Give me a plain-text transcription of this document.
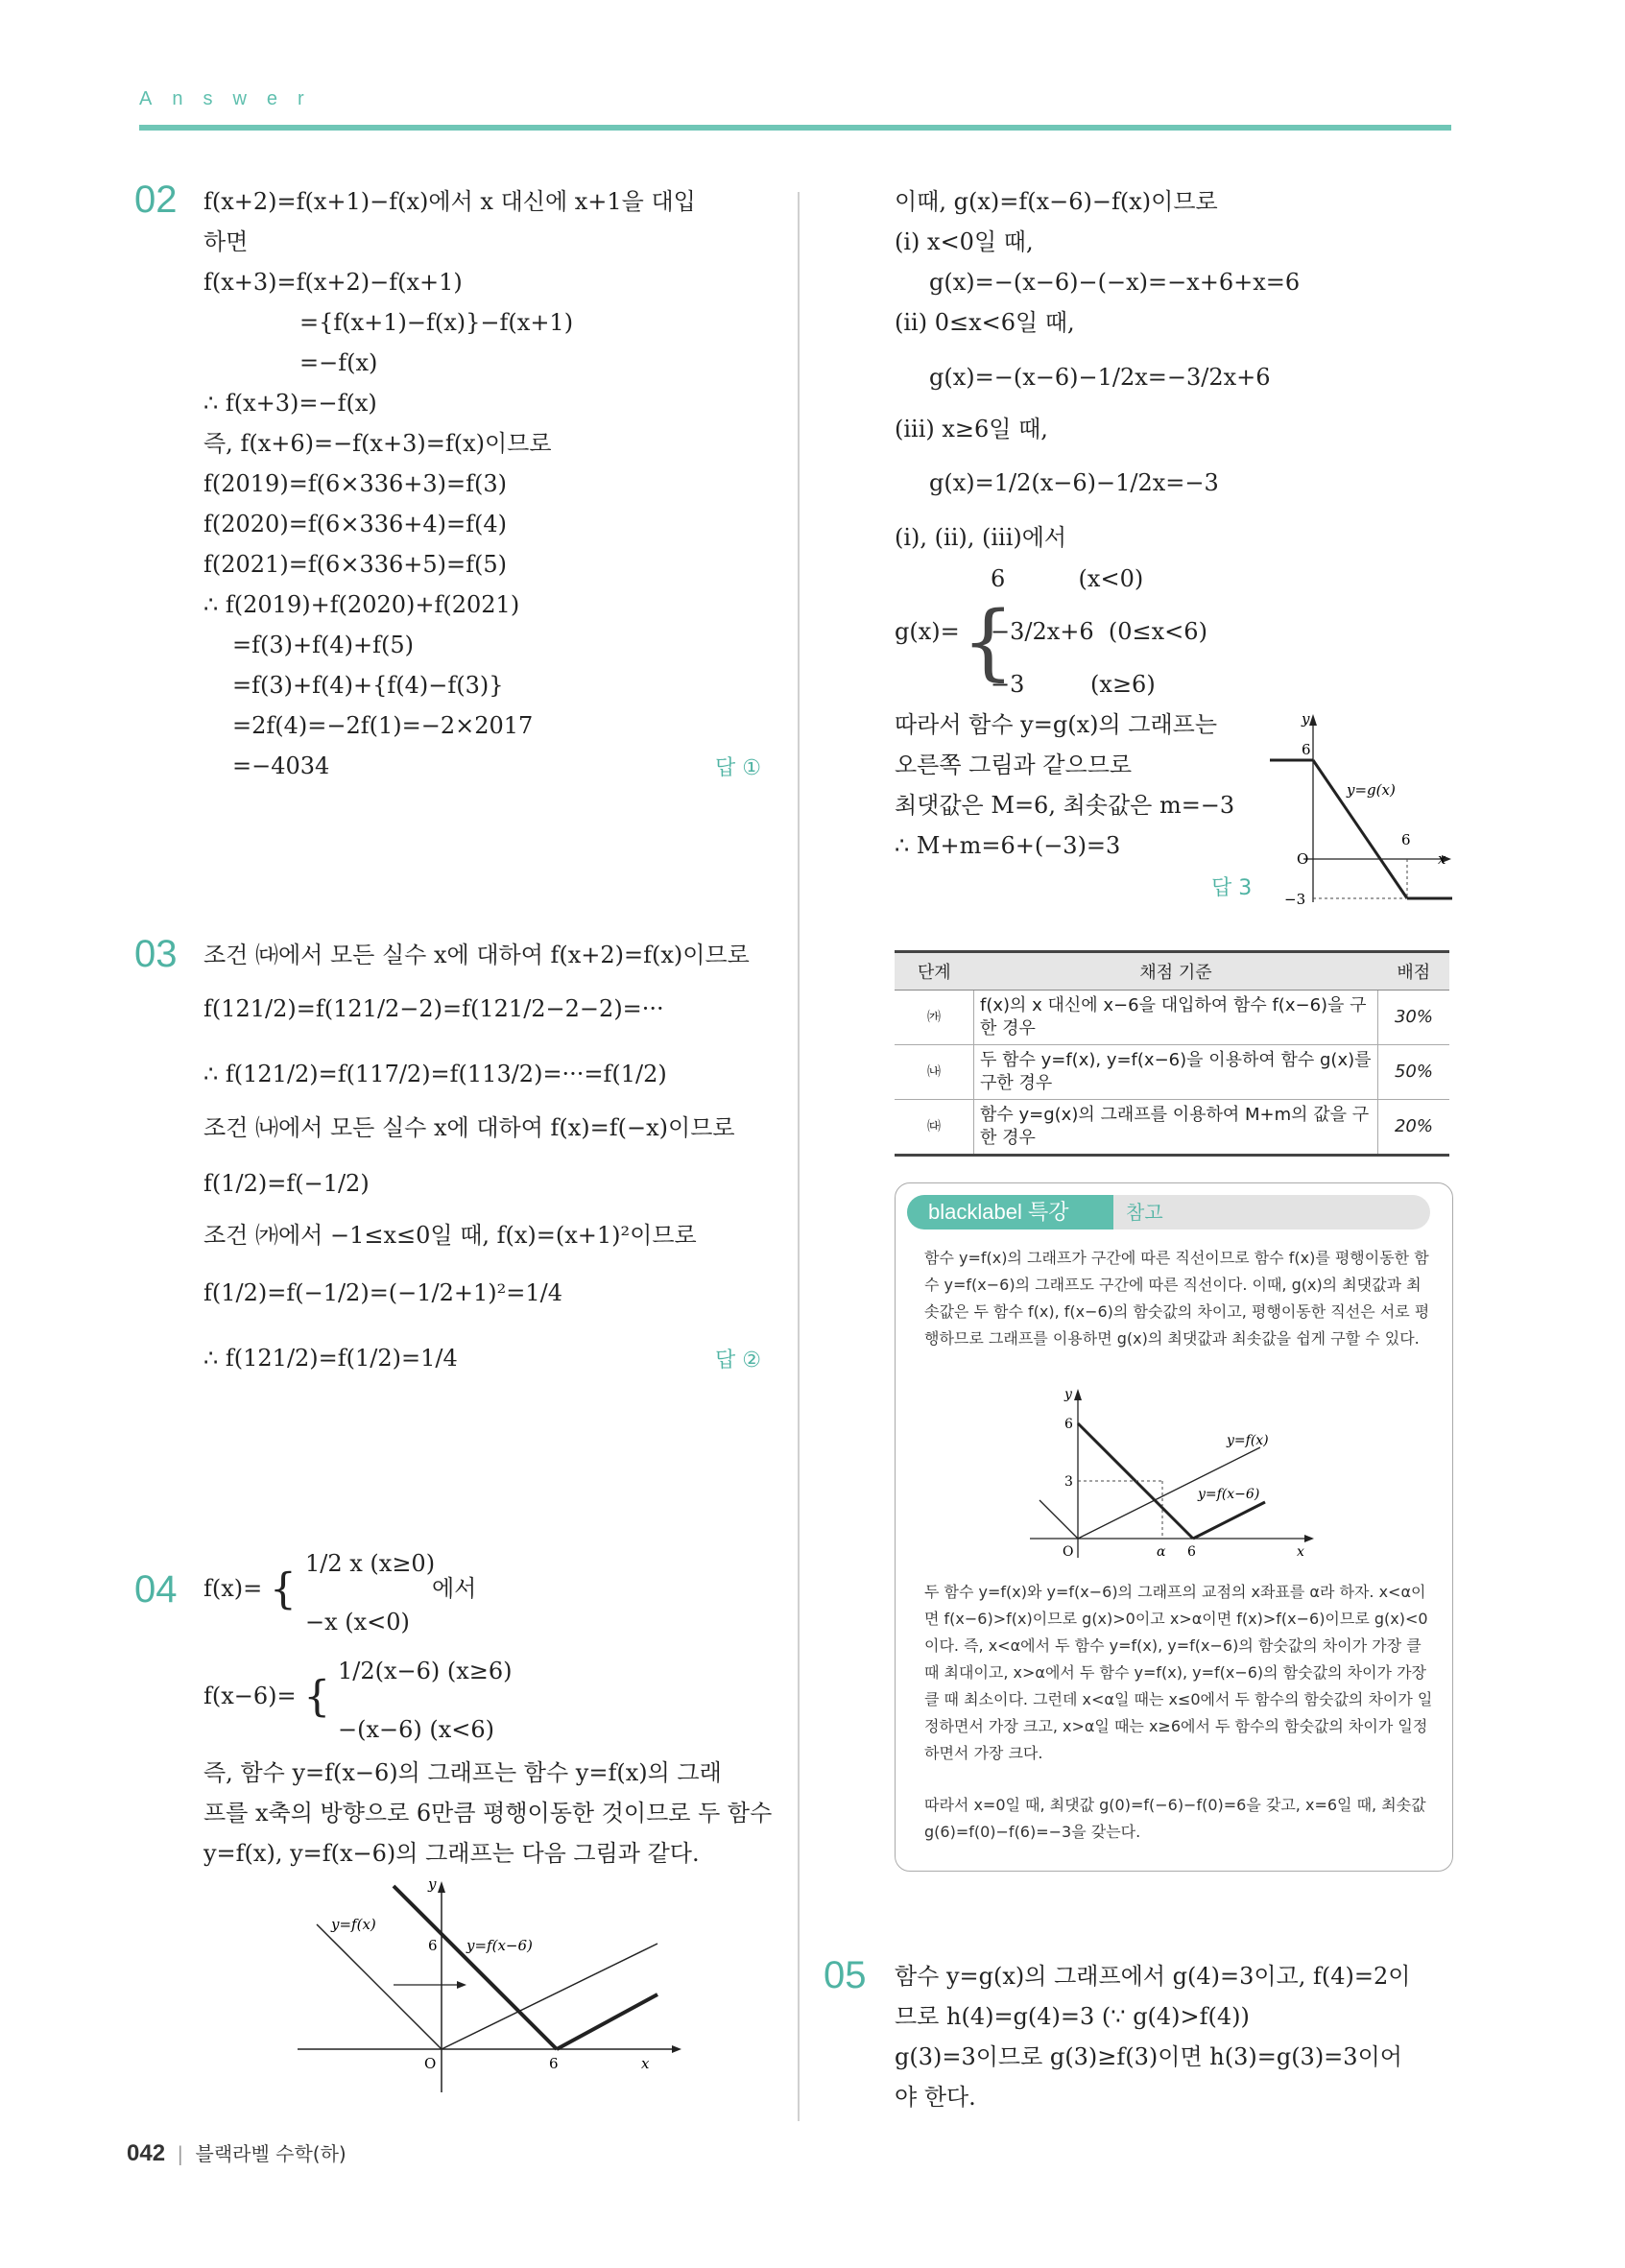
Answer
02 f(x+2)=f(x+1)−f(x)에서 x 대신에 x+1을 대입
하면
f(x+3)=f(x+2)−f(x+1)
={f(x+1)−f(x)}−f(x+1)
=−f(x)
∴ f(x+3)=−f(x)
즉, f(x+6)=−f(x+3)=f(x)이므로
f(2019)=f(6×336+3)=f(3)
f(2020)=f(6×336+4)=f(4)
f(2021)=f(6×336+5)=f(5)
∴ f(2019)+f(2020)+f(2021)
=f(3)+f(4)+f(5)
=f(3)+f(4)+{f(4)−f(3)}
=2f(4)=−2f(1)=−2×2017
=−4034	답 ①
03 조건 ㈐에서 모든 실수 x에 대하여 f(x+2)=f(x)이므로
f(121/2)=f(121/2−2)=f(121/2−2−2)=···
∴ f(121/2)=f(117/2)=f(113/2)=···=f(1/2)
조건 ㈏에서 모든 실수 x에 대하여 f(x)=f(−x)이므로
f(1/2)=f(−1/2)
조건 ㈎에서 −1≤x≤0일 때, f(x)=(x+1)²이므로
f(1/2)=f(−1/2)=(−1/2+1)²=1/4
∴ f(121/2)=f(1/2)=1/4	답 ②
04 f(x)= {
1/2 x (x≥0)
−x (x<0)
에서
f(x−6)= {
1/2(x−6) (x≥6)
−(x−6) (x<6)
즉, 함수 y=f(x−6)의 그래프는 함수 y=f(x)의 그래
프를 x축의 방향으로 6만큼 평행이동한 것이므로 두 함수
y=f(x), y=f(x−6)의 그래프는 다음 그림과 같다.
y=f(x)
y=f(x−6)
6
6
O	x
y
이때, g(x)=f(x−6)−f(x)이므로
(i) x<0일 때,
g(x)=−(x−6)−(−x)=−x+6+x=6
(ii) 0≤x<6일 때,
g(x)=−(x−6)−1/2x=−3/2x+6
(iii) x≥6일 때,
g(x)=1/2(x−6)−1/2x=−3
(i), (ii), (iii)에서
g(x)= {
6          (x<0)
−3/2x+6  (0≤x<6)
−3         (x≥6)
따라서 함수 y=g(x)의 그래프는
오른쪽 그림과 같으므로
최댓값은 M=6, 최솟값은 m=−3
∴ M+m=6+(−3)=3
답 3
y=g(x)
6
6
−3
O	x
y
단계	채점 기준	배점
㈎	f(x)의 x 대신에 x−6을 대입하여 함수 f(x−6)을 구한 경우	30%
㈏	두 함수 y=f(x), y=f(x−6)을 이용하여 함수 g(x)를 구한 경우	50%
㈐	함수 y=g(x)의 그래프를 이용하여 M+m의 값을 구한 경우	20%
blacklabel 특강	참고
함수 y=f(x)의 그래프가 구간에 따른 직선이므로 함수 f(x)를 평행이동한 함수 y=f(x−6)의 그래프도 구간에 따른 직선이다. 이때, g(x)의 최댓값과 최솟값은 두 함수 f(x), f(x−6)의 함숫값의 차이고, 평행이동한 직선은 서로 평행하므로 그래프를 이용하면 g(x)의 최댓값과 최솟값을 쉽게 구할 수 있다.
y=f(x)
y=f(x−6)
6
3
α 6
O	x
y
두 함수 y=f(x)와 y=f(x−6)의 그래프의 교점의 x좌표를 α라 하자. x<α이면 f(x−6)>f(x)이므로 g(x)>0이고 x>α이면 f(x)>f(x−6)이므로 g(x)<0이다. 즉, x<α에서 두 함수 y=f(x), y=f(x−6)의 함숫값의 차이가 가장 클 때 최대이고, x>α에서 두 함수 y=f(x), y=f(x−6)의 함숫값의 차이가 가장 클 때 최소이다. 그런데 x<α일 때는 x≤0에서 두 함수의 함숫값의 차이가 일정하면서 가장 크고, x>α일 때는 x≥6에서 두 함수의 함숫값의 차이가 일정하면서 가장 크다.
따라서 x=0일 때, 최댓값 g(0)=f(−6)−f(0)=6을 갖고, x=6일 때, 최솟값 g(6)=f(0)−f(6)=−3을 갖는다.
05 함수 y=g(x)의 그래프에서 g(4)=3이고, f(4)=2이
므로 h(4)=g(4)=3 (∵ g(4)>f(4))
g(3)=3이므로 g(3)≥f(3)이면 h(3)=g(3)=3이어
야 한다.
042 | 블랙라벨 수학(하)
